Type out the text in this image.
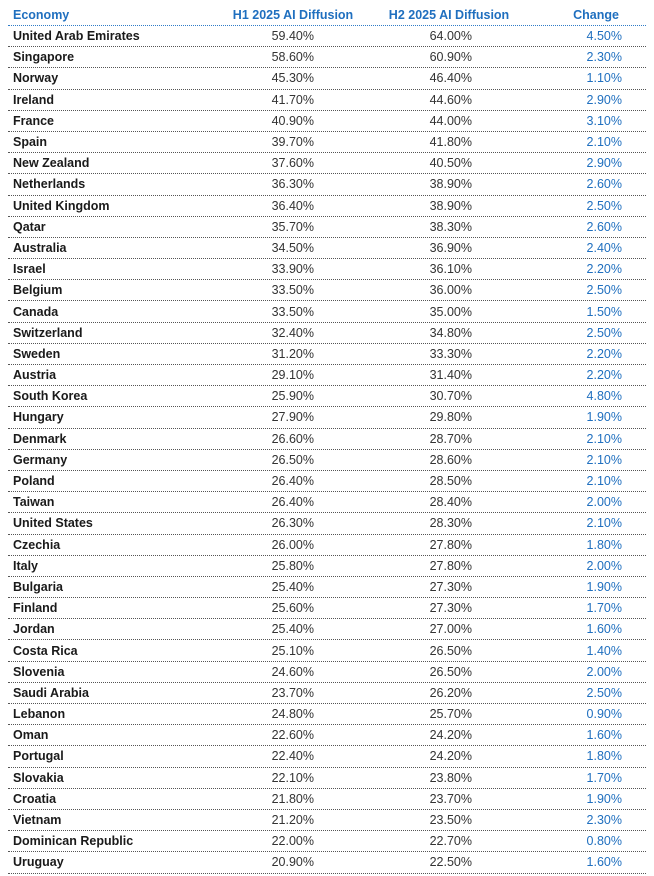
Economy	H1 2025 AI Diffusion	H2 2025 AI Diffusion	Change
United Arab Emirates	59.40%	64.00%	4.50%
Singapore	58.60%	60.90%	2.30%
Norway	45.30%	46.40%	1.10%
Ireland	41.70%	44.60%	2.90%
France	40.90%	44.00%	3.10%
Spain	39.70%	41.80%	2.10%
New Zealand	37.60%	40.50%	2.90%
Netherlands	36.30%	38.90%	2.60%
United Kingdom	36.40%	38.90%	2.50%
Qatar	35.70%	38.30%	2.60%
Australia	34.50%	36.90%	2.40%
Israel	33.90%	36.10%	2.20%
Belgium	33.50%	36.00%	2.50%
Canada	33.50%	35.00%	1.50%
Switzerland	32.40%	34.80%	2.50%
Sweden	31.20%	33.30%	2.20%
Austria	29.10%	31.40%	2.20%
South Korea	25.90%	30.70%	4.80%
Hungary	27.90%	29.80%	1.90%
Denmark	26.60%	28.70%	2.10%
Germany	26.50%	28.60%	2.10%
Poland	26.40%	28.50%	2.10%
Taiwan	26.40%	28.40%	2.00%
United States	26.30%	28.30%	2.10%
Czechia	26.00%	27.80%	1.80%
Italy	25.80%	27.80%	2.00%
Bulgaria	25.40%	27.30%	1.90%
Finland	25.60%	27.30%	1.70%
Jordan	25.40%	27.00%	1.60%
Costa Rica	25.10%	26.50%	1.40%
Slovenia	24.60%	26.50%	2.00%
Saudi Arabia	23.70%	26.20%	2.50%
Lebanon	24.80%	25.70%	0.90%
Oman	22.60%	24.20%	1.60%
Portugal	22.40%	24.20%	1.80%
Slovakia	22.10%	23.80%	1.70%
Croatia	21.80%	23.70%	1.90%
Vietnam	21.20%	23.50%	2.30%
Dominican Republic	22.00%	22.70%	0.80%
Uruguay	20.90%	22.50%	1.60%
